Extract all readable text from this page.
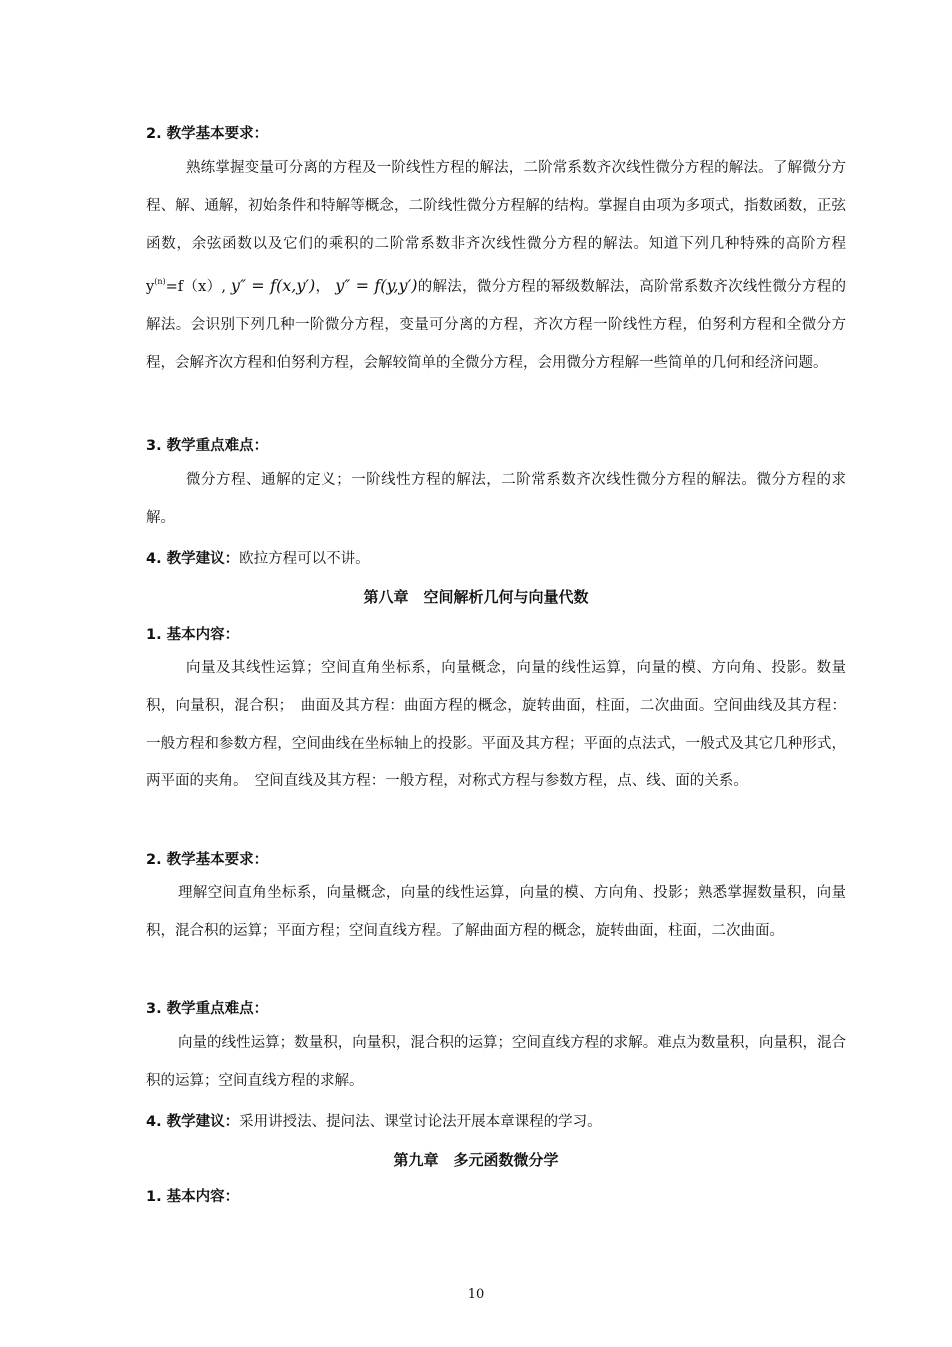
2. 教学基本要求：

熟练掌握变量可分离的方程及一阶线性方程的解法，二阶常系数齐次线性微分方程的解法。了解微分方程、解、通解，初始条件和特解等概念，二阶线性微分方程解的结构。掌握自由项为多项式，指数函数，正弦函数，余弦函数以及它们的乘积的二阶常系数非齐次线性微分方程的解法。知道下列几种特殊的高阶方程 $y^{(n)}=f(x)$, y″ = f(x,y′)， y″ = f(y,y′)的解法，微分方程的幂级数解法，高阶常系数齐次线性微分方程的解法。会识别下列几种一阶微分方程，变量可分离的方程，齐次方程一阶线性方程，伯努利方程和全微分方程，会解齐次方程和伯努利方程，会解较简单的全微分方程，会用微分方程解一些简单的几何和经济问题。

3. 教学重点难点：

微分方程、通解的定义；一阶线性方程的解法，二阶常系数齐次线性微分方程的解法。微分方程的求解。

4. 教学建议：欧拉方程可以不讲。
第八章　空间解析几何与向量代数
1. 基本内容：

向量及其线性运算；空间直角坐标系，向量概念，向量的线性运算，向量的模、方向角、投影。数量积，向量积，混合积；　曲面及其方程：曲面方程的概念，旋转曲面，柱面，二次曲面。空间曲线及其方程：一般方程和参数方程，空间曲线在坐标轴上的投影。平面及其方程；平面的点法式，一般式及其它几种形式，两平面的夹角。　空间直线及其方程：一般方程，对称式方程与参数方程，点、线、面的关系。

2. 教学基本要求：

理解空间直角坐标系，向量概念，向量的线性运算，向量的模、方向角、投影；熟悉掌握数量积，向量积，混合积的运算；平面方程；空间直线方程。了解曲面方程的概念，旋转曲面，柱面，二次曲面。

3. 教学重点难点：

向量的线性运算；数量积，向量积，混合积的运算；空间直线方程的求解。难点为数量积，向量积，混合积的运算；空间直线方程的求解。

4. 教学建议：采用讲授法、提问法、课堂讨论法开展本章课程的学习。
第九章　多元函数微分学
1. 基本内容：
10
